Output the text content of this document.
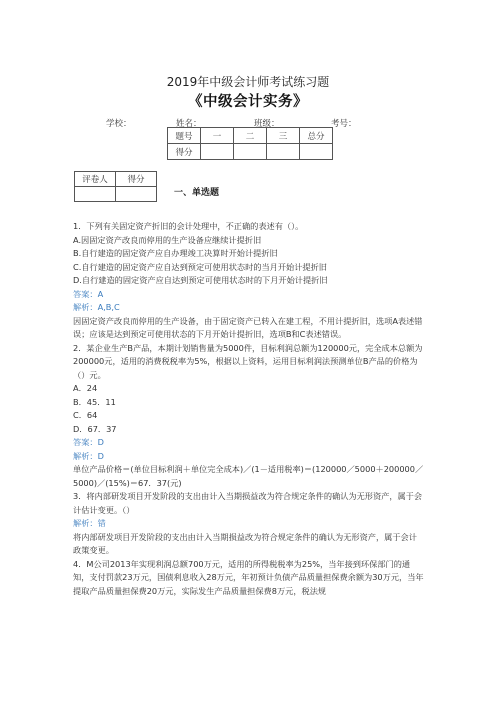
2019年中级会计师考试练习题
《中级会计实务》
学校：	姓名：	班级：	考号：
题号	一	二	三	总分
得分				
评卷人	得分

一、单选题

1．下列有关固定资产折旧的会计处理中，不正确的表述有（）。

A.因固定资产改良而停用的生产设备应继续计提折旧

B.自行建造的固定资产应自办理竣工决算时开始计提折旧

C.自行建造的固定资产应自达到预定可使用状态时的当月开始计提折旧

D.自行建造的固定资产应自达到预定可使用状态时的下月开始计提折旧

答案：A

解析：A,B,C

因固定资产改良而停用的生产设备，由于固定资产已转入在建工程，不用计提折旧，选项A表述错误；应该是达到预定可使用状态的下月开始计提折旧，选项B和C表述错误。

2．某企业生产B产品，本期计划销售量为5000件，目标利润总额为120000元，完全成本总额为200000元，适用的消费税税率为5%，根据以上资料，运用目标利润法预测单位B产品的价格为（）元。

A．24

B．45．11

C．64

D．67．37

答案：D

解析：D

单位产品价格＝(单位目标利润＋单位完全成本)／(1－适用税率)＝(120000／5000＋200000／5000)／(15%)＝67．37(元)

3．将内部研发项目开发阶段的支出由计入当期损益改为符合规定条件的确认为无形资产，属于会计估计变更。（）

解析：错

将内部研发项目开发阶段的支出由计入当期损益改为符合规定条件的确认为无形资产，属于会计政策变更。

4．M公司2013年实现利润总额700万元，适用的所得税税率为25%，当年接到环保部门的通知，支付罚款23万元，国债利息收入28万元，年初预计负债产品质量担保费余额为30万元，当年提取产品质量担保费20万元，实际发生产品质量担保费8万元，税法规
